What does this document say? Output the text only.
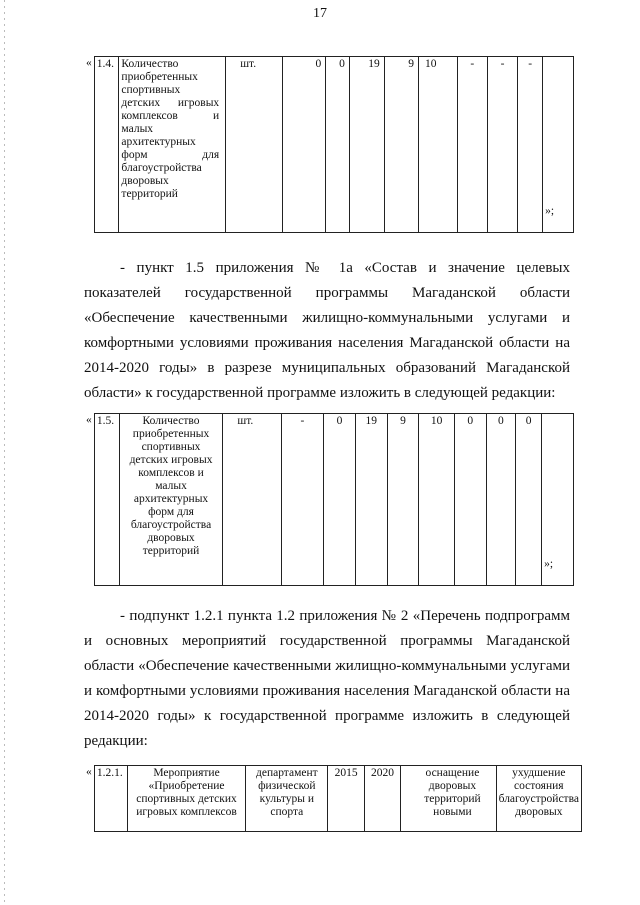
17
«	1.4.	Количество приобретенных спортивных детских игровых комплексов и малых архитектурных форм для благоустройства дворовых территорий	шт.	0	0	19	9	10	-	-	-	»;

- пункт 1.5 приложения № 1а «Состав и значение целевых показателей государственной программы Магаданской области «Обеспечение качественными жилищно-коммунальными услугами и комфортными условиями проживания населения Магаданской области на 2014-2020 годы» в разрезе муниципальных образований Магаданской области» к государственной программе изложить в следующей редакции:

«	1.5.	Количество приобретенных спортивных детских игровых комплексов и малых архитектурных форм для благоустройства дворовых территорий	шт.	-	0	19	9	10	0	0	0	»;

- подпункт 1.2.1 пункта 1.2 приложения № 2 «Перечень подпрограмм и основных мероприятий государственной программы Магаданской области «Обеспечение качественными жилищно-коммунальными услугами и комфортными условиями проживания населения Магаданской области на 2014-2020 годы» к государственной программе изложить в следующей редакции:

«	1.2.1.	Мероприятие «Приобретение спортивных детских игровых комплексов	департамент физической культуры и спорта	2015	2020	оснащение дворовых территорий новыми	ухудшение состояния благоустройства дворовых
